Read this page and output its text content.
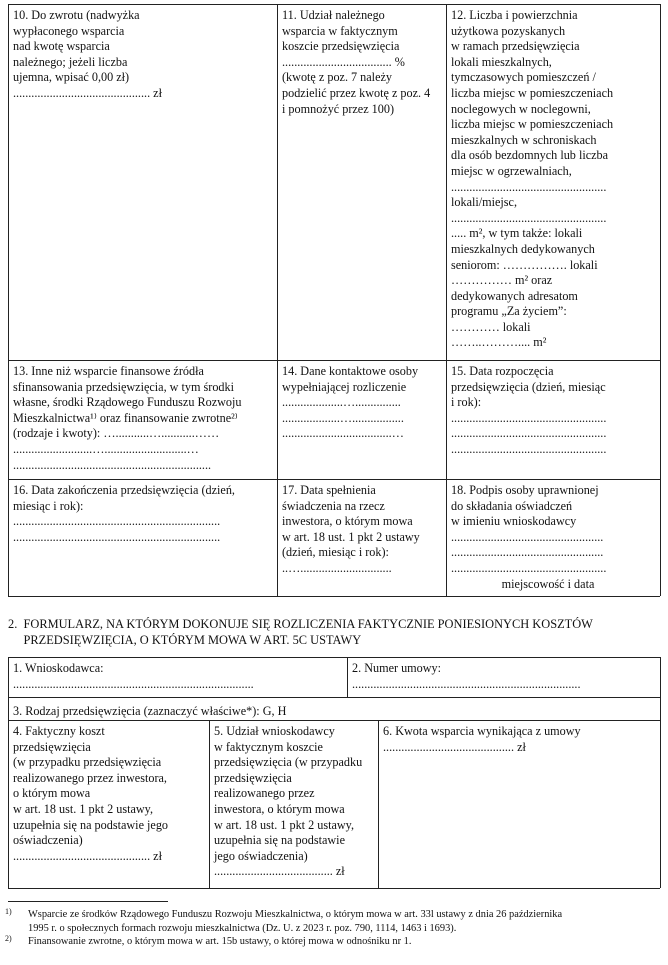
10. Do zwrotu (nadwyżka
wypłaconego wsparcia
nad kwotę wsparcia
należnego; jeżeli liczba
ujemna, wpisać 0,00 zł)
............................................. zł
11. Udział należnego
wsparcia w faktycznym
koszcie przedsięwzięcia
.................................... %
(kwotę z poz. 7 należy
podzielić przez kwotę z poz. 4
i pomnożyć przez 100)
12. Liczba i powierzchnia
użytkowa pozyskanych
w ramach przedsięwzięcia
lokali mieszkalnych,
tymczasowych pomieszczeń /
liczba miejsc w pomieszczeniach
noclegowych w noclegowni,
liczba miejsc w pomieszczeniach
mieszkalnych w schroniskach
dla osób bezdomnych lub liczba
miejsc w ogrzewalniach,
...................................................
lokali/miejsc,
...................................................
..... m², w tym także: lokali
mieszkalnych dedykowanych
seniorom: ……………. lokali
…………… m² oraz
dedykowanych adresatom
programu „Za życiem”:
………… lokali
……..……….... m²
13. Inne niż wsparcie finansowe źródła
sfinansowania przedsięwzięcia, w tym środki
własne, środki Rządowego Funduszu Rozwoju
Mieszkalnictwa¹⁾ oraz finansowanie zwrotne²⁾
(rodzaje i kwoty): …...........…...........……
..........................…...........................…
.................................................................
14. Dane kontaktowe osoby
wypełniającej rozliczenie
....................…...............
...................….................
....................................…
15. Data rozpoczęcia
przedsięwzięcia (dzień, miesiąc
i rok):
...................................................
...................................................
...................................................
16. Data zakończenia przedsięwzięcia (dzień,
miesiąc i rok):
....................................................................
....................................................................
17. Data spełnienia
świadczenia na rzecz
inwestora, o którym mowa
w art. 18 ust. 1 pkt 2 ustawy
(dzień, miesiąc i rok):
..…..............................
18. Podpis osoby uprawnionej
do składania oświadczeń
w imieniu wnioskodawcy
..................................................
..................................................
...................................................
miejscowość i data
2.  FORMULARZ, NA KTÓRYM DOKONUJE SIĘ ROZLICZENIA FAKTYCZNIE PONIESIONYCH KOSZTÓW
PRZEDSIĘWZIĘCIA, O KTÓRYM MOWA W ART. 5C USTAWY
1. Wnioskodawca:
...............................................................................
2. Numer umowy:
...........................................................................
3. Rodzaj przedsięwzięcia (zaznaczyć właściwe*): G, H
4. Faktyczny koszt
przedsięwzięcia
(w przypadku przedsięwzięcia
realizowanego przez inwestora,
o którym mowa
w art. 18 ust. 1 pkt 2 ustawy,
uzupełnia się na podstawie jego
oświadczenia)
............................................. zł
5. Udział wnioskodawcy
w faktycznym koszcie
przedsięwzięcia (w przypadku
przedsięwzięcia
realizowanego przez
inwestora, o którym mowa
w art. 18 ust. 1 pkt 2 ustawy,
uzupełnia się na podstawie
jego oświadczenia)
....................................... zł
6. Kwota wsparcia wynikająca z umowy
........................................... zł
1) Wsparcie ze środków Rządowego Funduszu Rozwoju Mieszkalnictwa, o którym mowa w art. 33l ustawy z dnia 26 października
1995 r. o społecznych formach rozwoju mieszkalnictwa (Dz. U. z 2023 r. poz. 790, 1114, 1463 i 1693).
2) Finansowanie zwrotne, o którym mowa w art. 15b ustawy, o której mowa w odnośniku nr 1.
